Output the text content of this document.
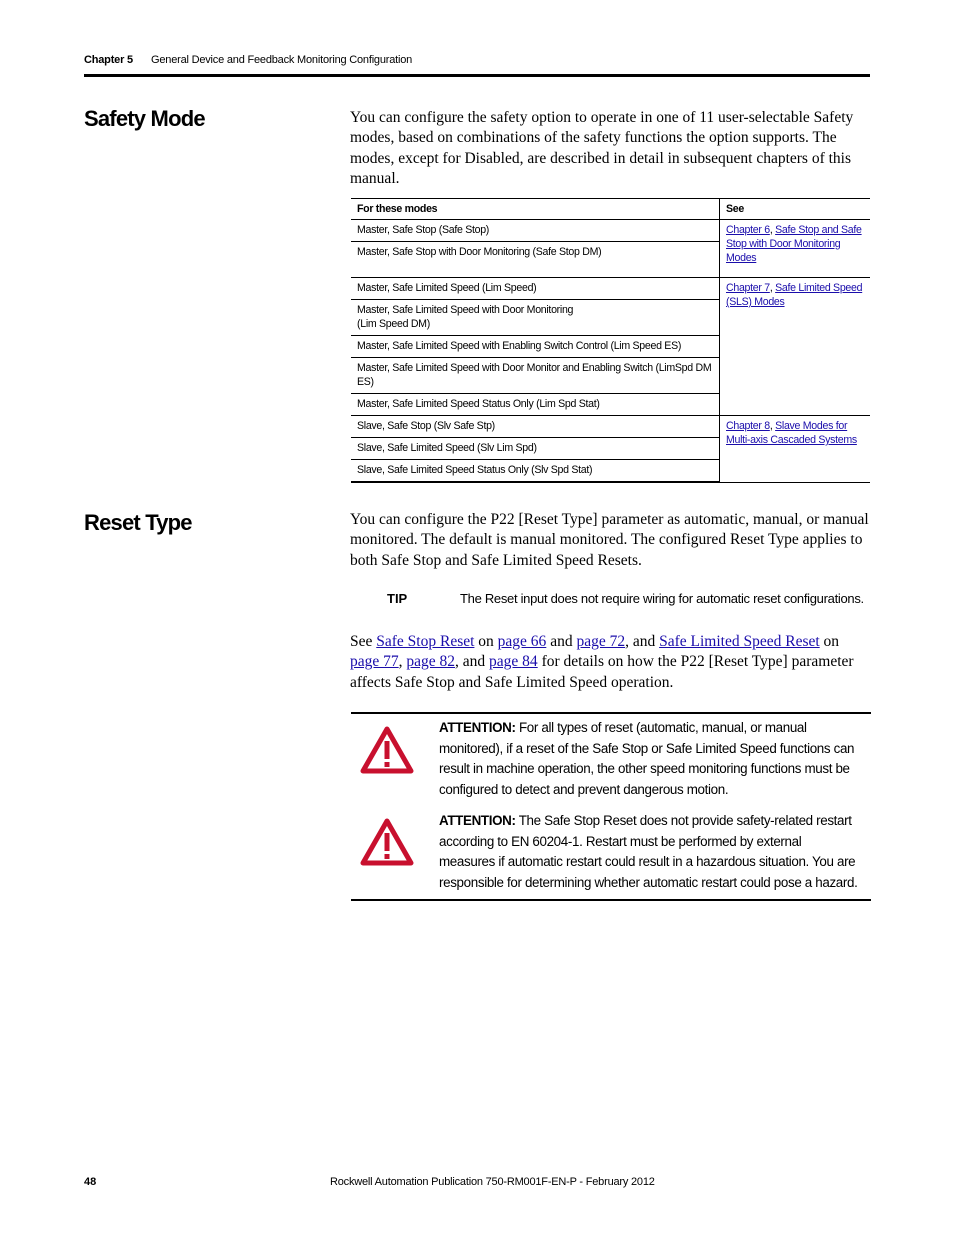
Chapter 5 General Device and Feedback Monitoring Configuration
Safety Mode	You can configure the safety option to operate in one of 11 user-selectable Safety modes, based on combinations of the safety functions the option supports. The modes, except for Disabled, are described in detail in subsequent chapters of this manual.
For these modes	See
Master, Safe Stop (Safe Stop)	Chapter 6, Safe Stop and Safe Stop with Door Monitoring Modes
Master, Safe Stop with Door Monitoring (Safe Stop DM)	
Master, Safe Limited Speed (Lim Speed)	Chapter 7, Safe Limited Speed (SLS) Modes
Master, Safe Limited Speed with Door Monitoring
(Lim Speed DM)	
Master, Safe Limited Speed with Enabling Switch Control (Lim Speed ES)	
Master, Safe Limited Speed with Door Monitor and Enabling Switch (LimSpd DM ES)	
Master, Safe Limited Speed Status Only (Lim Spd Stat)	
Slave, Safe Stop (Slv Safe Stp)	Chapter 8, Slave Modes for Multi-axis Cascaded Systems
Slave, Safe Limited Speed (Slv Lim Spd)	
Slave, Safe Limited Speed Status Only (Slv Spd Stat)	
Reset Type	You can configure the P22 [Reset Type] parameter as automatic, manual, or manual monitored. The default is manual monitored. The configured Reset Type applies to both Safe Stop and Safe Limited Speed Resets.
TIP	The Reset input does not require wiring for automatic reset configurations.
See Safe Stop Reset on page 66 and page 72, and Safe Limited Speed Reset on page 77, page 82, and page 84 for details on how the P22 [Reset Type] parameter affects Safe Stop and Safe Limited Speed operation.
ATTENTION: For all types of reset (automatic, manual, or manual monitored), if a reset of the Safe Stop or Safe Limited Speed functions can result in machine operation, the other speed monitoring functions must be configured to detect and prevent dangerous motion.
ATTENTION: The Safe Stop Reset does not provide safety-related restart according to EN 60204-1. Restart must be performed by external measures if automatic restart could result in a hazardous situation. You are responsible for determining whether automatic restart could pose a hazard.
48	Rockwell Automation Publication 750-RM001F-EN-P - February 2012
